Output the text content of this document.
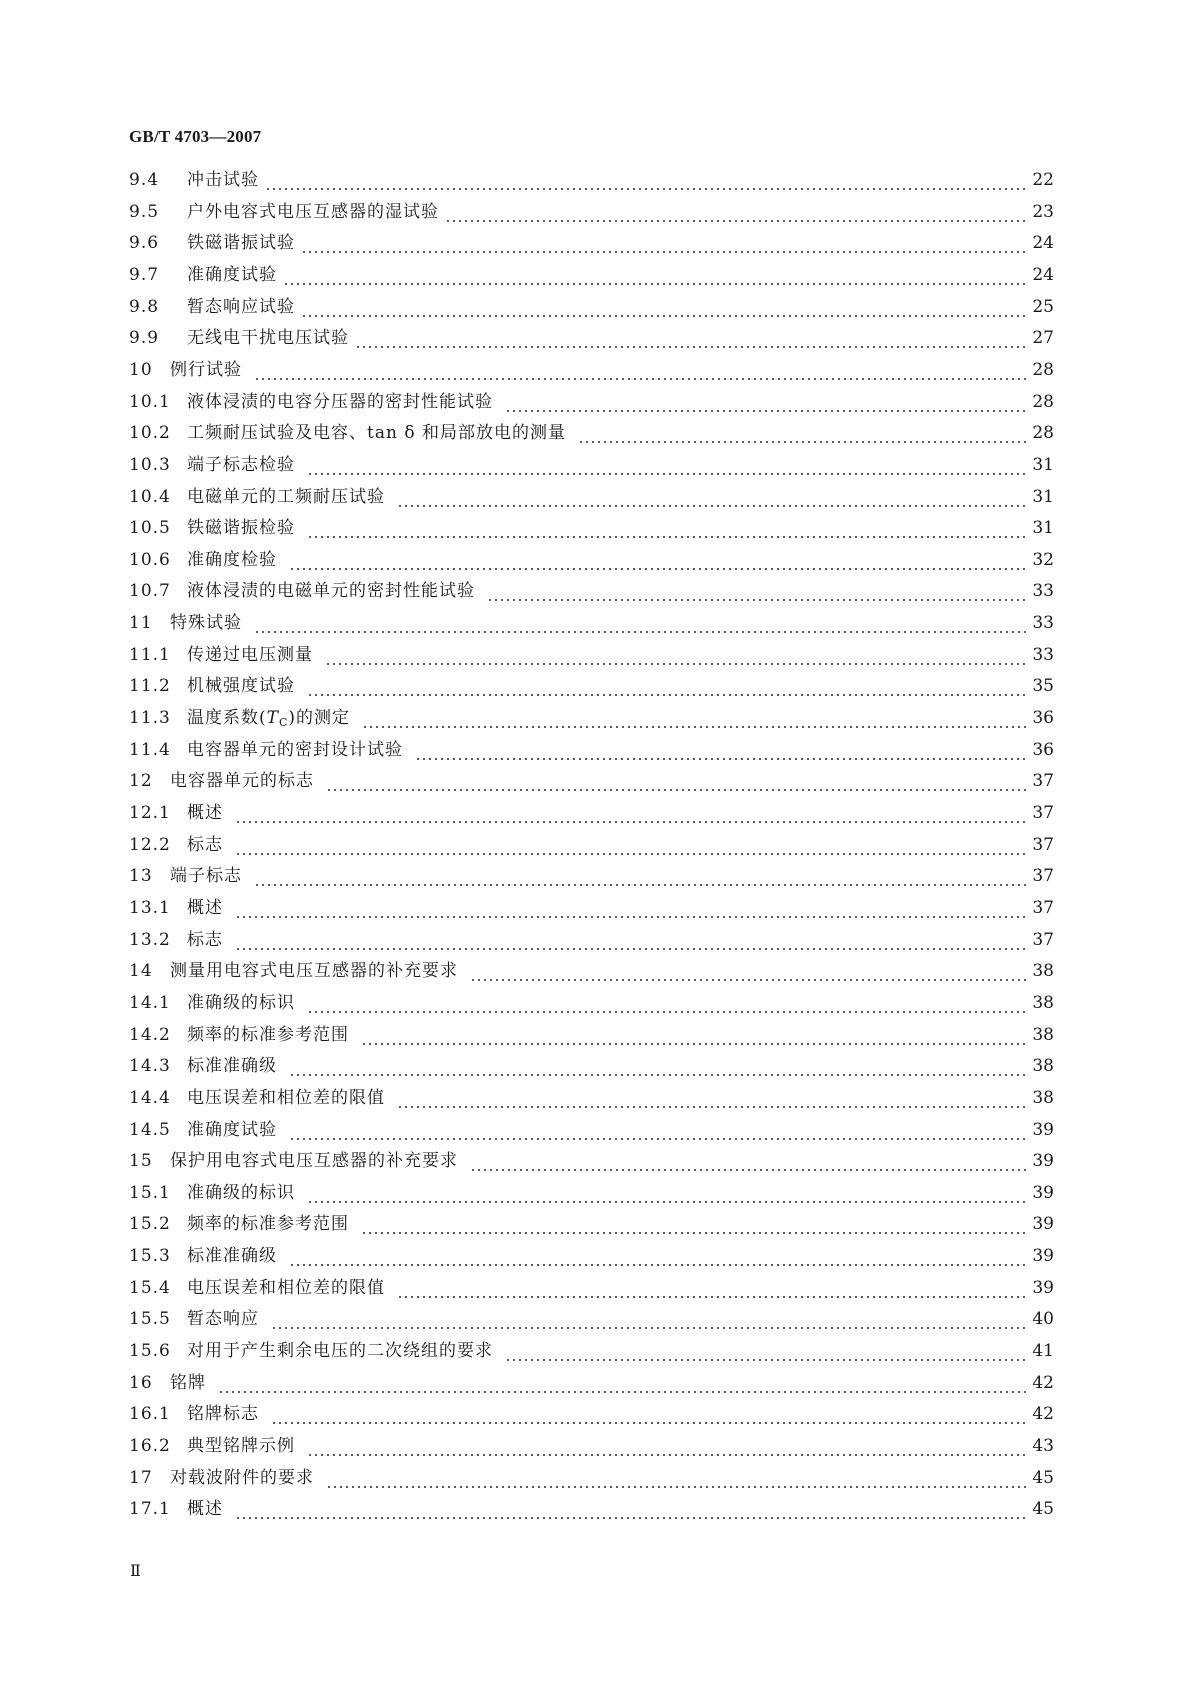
GB/T 4703—2007
9.4	冲击试验	22
9.5	户外电容式电压互感器的湿试验	23
9.6	铁磁谐振试验	24
9.7	准确度试验	24
9.8	暂态响应试验	25
9.9	无线电干扰电压试验	27
10	例行试验	28
10.1 液体浸渍的电容分压器的密封性能试验	28
10.2 工频耐压试验及电容、tan δ 和局部放电的测量	28
10.3 端子标志检验	31
10.4 电磁单元的工频耐压试验	31
10.5 铁磁谐振检验	31
10.6 准确度检验	32
10.7 液体浸渍的电磁单元的密封性能试验	33
11	特殊试验	33
11.1 传递过电压测量	33
11.2 机械强度试验	35
11.3 温度系数$(T_C)$的测定	36
11.4 电容器单元的密封设计试验	36
12	电容器单元的标志	37
12.1 概述	37
12.2 标志	37
13	端子标志	37
13.1 概述	37
13.2 标志	37
14	测量用电容式电压互感器的补充要求	38
14.1 准确级的标识	38
14.2 频率的标准参考范围	38
14.3 标准准确级	38
14.4 电压误差和相位差的限值	38
14.5 准确度试验	39
15	保护用电容式电压互感器的补充要求	39
15.1 准确级的标识	39
15.2 频率的标准参考范围	39
15.3 标准准确级	39
15.4 电压误差和相位差的限值	39
15.5 暂态响应	40
15.6 对用于产生剩余电压的二次绕组的要求	41
16	铭牌	42
16.1 铭牌标志	42
16.2 典型铭牌示例	43
17	对载波附件的要求	45
17.1 概述	45
Ⅱ
